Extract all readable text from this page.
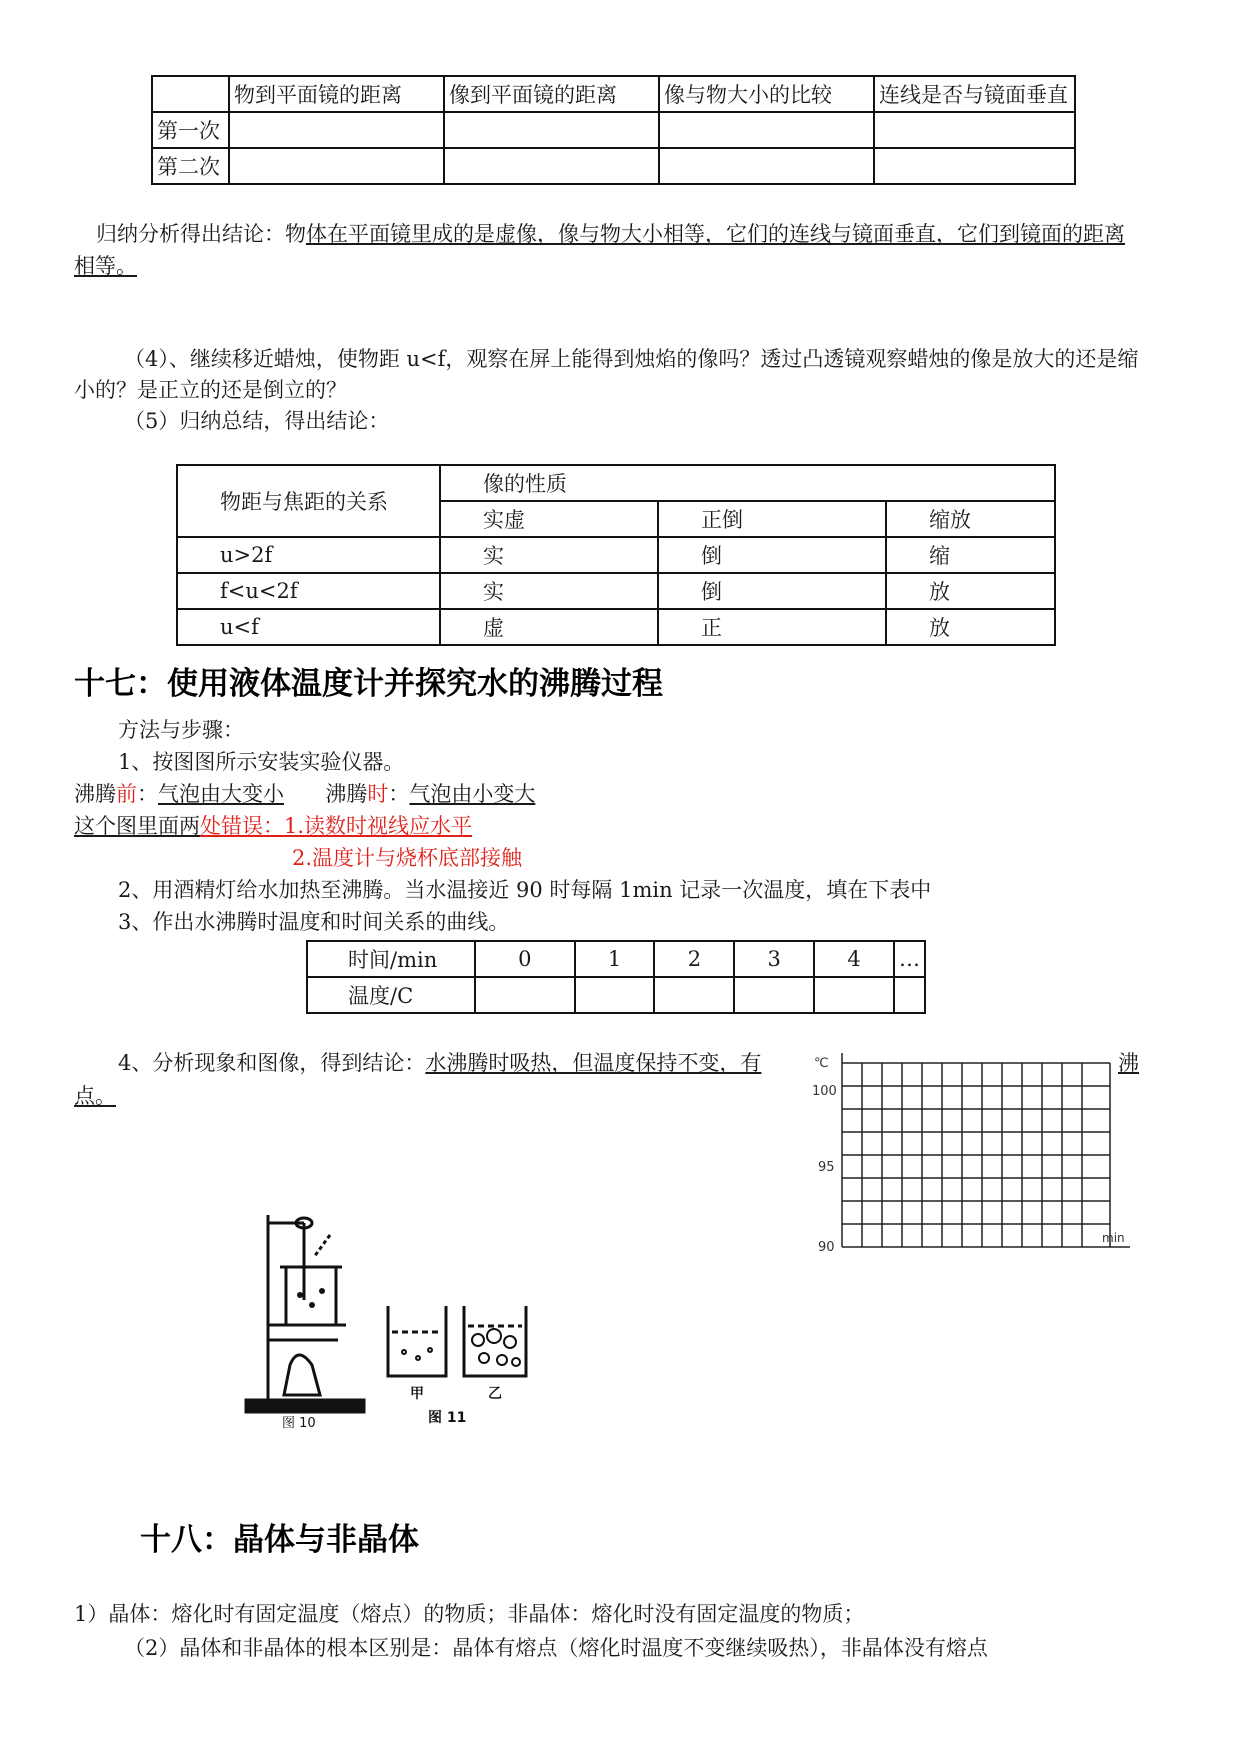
	物到平面镜的距离	像到平面镜的距离	像与物大小的比较	连线是否与镜面垂直
第一次				
第二次				
归纳分析得出结论：物体在平面镜里成的是虚像，像与物大小相等，它们的连线与镜面垂直，它们到镜面的距离
相等。
（4）、继续移近蜡烛，使物距 u<f，观察在屏上能得到烛焰的像吗？透过凸透镜观察蜡烛的像是放大的还是缩
小的？是正立的还是倒立的？
（5）归纳总结，得出结论：
物距与焦距的关系	像的性质		
	实虚	正倒	缩放
u>2f	实	倒	缩
f<u<2f	实	倒	放
u<f	虚	正	放
十七：使用液体温度计并探究水的沸腾过程
方法与步骤：
1、按图图所示安装实验仪器。
沸腾前：气泡由大变小 沸腾时：气泡由小变大
这个图里面两处错误：1.读数时视线应水平
2.温度计与烧杯底部接触
2、用酒精灯给水加热至沸腾。当水温接近 90 时每隔 1min 记录一次温度，填在下表中
3、作出水沸腾时温度和时间关系的曲线。
时间/min	0	1	2	3	4	…
温度/C						
4、分析现象和图像，得到结论：水沸腾时吸热，但温度保持不变，有	沸
点。
℃
100
95
90
min
图 10
甲	乙
图 11
十八：晶体与非晶体
1）晶体：熔化时有固定温度（熔点）的物质；非晶体：熔化时没有固定温度的物质；
（2）晶体和非晶体的根本区别是：晶体有熔点（熔化时温度不变继续吸热），非晶体没有熔点
